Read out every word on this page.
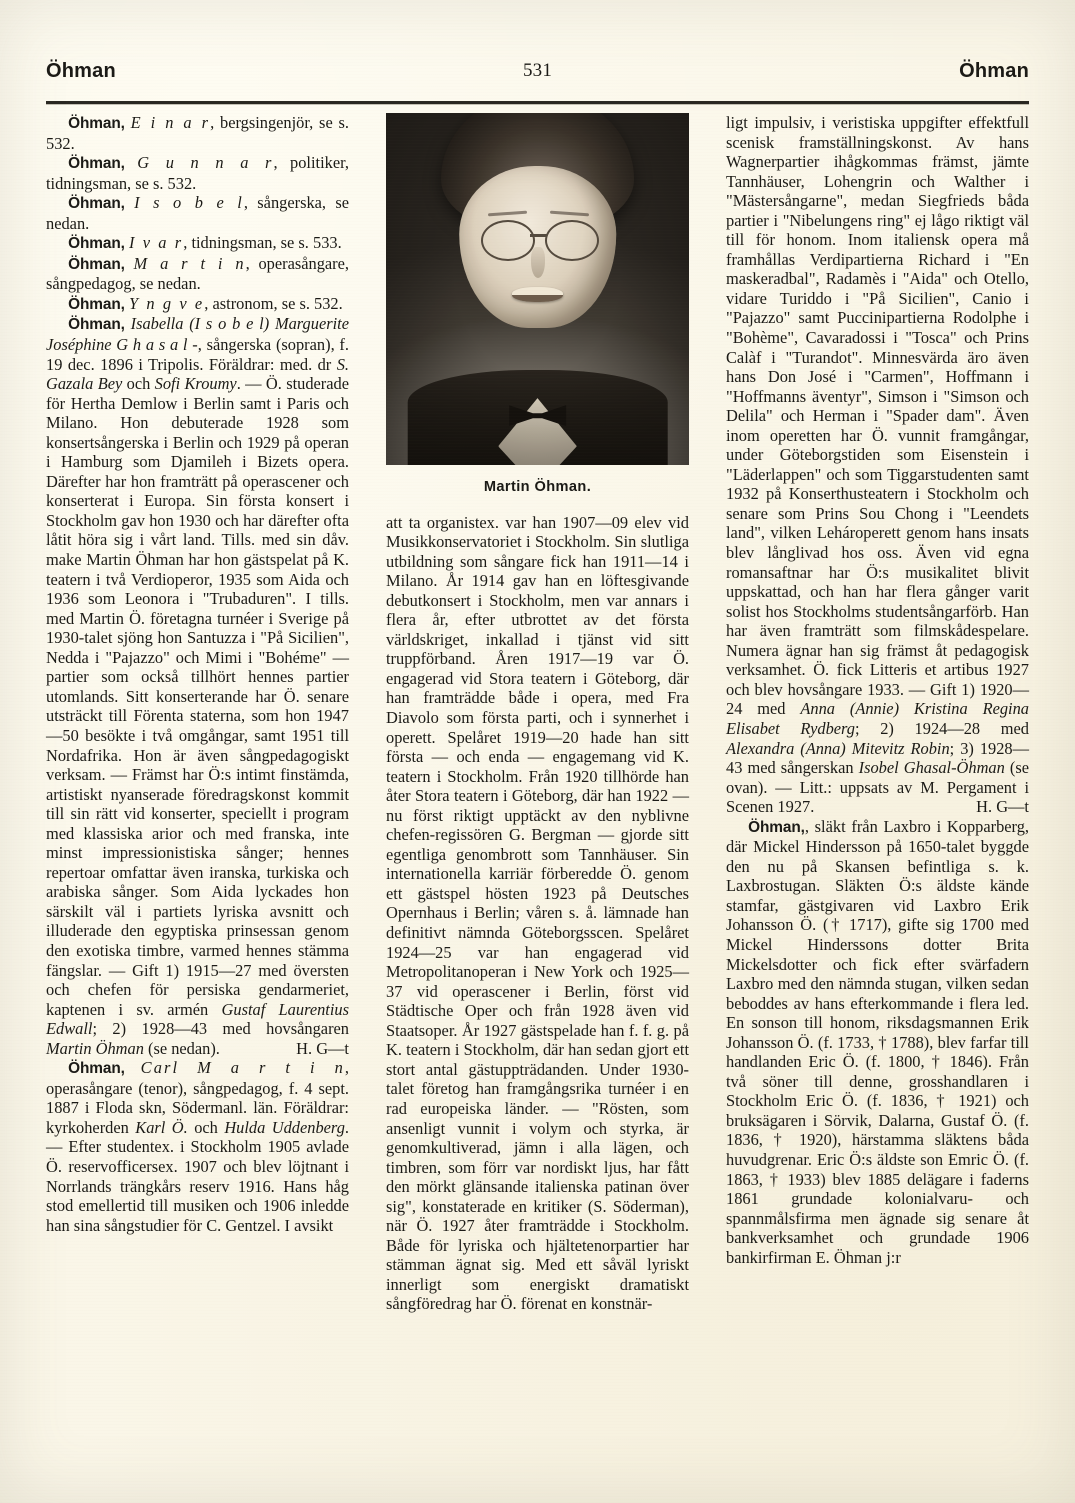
Öhman	531	Öhman

Öhman, E i n a r, bergsingenjör, se s. 532.

Öhman, G u n n a r, politiker, tidningsman, se s. 532.

Öhman, I s o b e l, sångerska, se nedan.

Öhman, I v a r, tidningsman, se s. 533.

Öhman, M a r t i n, operasångare, sångpedagog, se nedan.

Öhman, Y n g v e, astronom, se s. 532.

Öhman, Isabella (I s o b e l) Marguerite Joséphine G h a s a l -, sångerska (sopran), f. 19 dec. 1896 i Tripolis. Föräldrar: med. dr S. Gazala Bey och Sofi Kroumy. — Ö. studerade för Hertha Demlow i Berlin samt i Paris och Milano. Hon debuterade 1928 som konsertsångerska i Berlin och 1929 på operan i Hamburg som Djamileh i Bizets opera. Därefter har hon framträtt på operascener och konserterat i Europa. Sin första konsert i Stockholm gav hon 1930 och har därefter ofta låtit höra sig i vårt land. Tills. med sin dåv. make Martin Öhman har hon gästspelat på K. teatern i två Verdioperor, 1935 som Aida och 1936 som Leonora i "Trubaduren". I tills. med Martin Ö. företagna turnéer i Sverige på 1930-talet sjöng hon Santuzza i "På Sicilien", Nedda i "Pajazzo" och Mimi i "Bohéme" — partier som också tillhört hennes partier utomlands. Sitt konserterande har Ö. senare utsträckt till Förenta staterna, som hon 1947—50 besökte i två omgångar, samt 1951 till Nordafrika. Hon är även sångpedagogiskt verksam. — Främst har Ö:s intimt finstämda, artistiskt nyanserade föredragskonst kommit till sin rätt vid konserter, speciellt i program med klassiska arior och med franska, inte minst impressionistiska sånger; hennes repertoar omfattar även iranska, turkiska och arabiska sånger. Som Aida lyckades hon särskilt väl i partiets lyriska avsnitt och illuderade den egyptiska prinsessan genom den exotiska timbre, varmed hennes stämma fängslar. — Gift 1) 1915—27 med översten och chefen för persiska gendarmeriet, kaptenen i sv. armén Gustaf Laurentius Edwall; 2) 1928—43 med hovsångaren Martin Öhman (se nedan).	H. G—t

Öhman, Carl M a r t i n, operasångare (tenor), sångpedagog, f. 4 sept. 1887 i Floda skn, Södermanl. län. Föräldrar: kyrkoherden Karl Ö. och Hulda Uddenberg. — Efter studentex. i Stockholm 1905 avlade Ö. reservofficersex. 1907 och blev löjtnant i Norrlands trängkårs reserv 1916. Hans håg stod emellertid till musiken och 1906 inledde han sina sångstudier för C. Gentzel. I avsikt

Martin Öhman.

att ta organistex. var han 1907—09 elev vid Musikkonservatoriet i Stockholm. Sin slutliga utbildning som sångare fick han 1911—14 i Milano. År 1914 gav han en löftesgivande debutkonsert i Stockholm, men var annars i flera år, efter utbrottet av det första världskriget, inkallad i tjänst vid sitt truppförband. Åren 1917—19 var Ö. engagerad vid Stora teatern i Göteborg, där han framträdde både i opera, med Fra Diavolo som första parti, och i synnerhet i operett. Spelåret 1919—20 hade han sitt första — och enda — engagemang vid K. teatern i Stockholm. Från 1920 tillhörde han åter Stora teatern i Göteborg, där han 1922 — nu först riktigt upptäckt av den nyblivne chefen-regissören G. Bergman — gjorde sitt egentliga genombrott som Tannhäuser. Sin internationella karriär förberedde Ö. genom ett gästspel hösten 1923 på Deutsches Opernhaus i Berlin; våren s. å. lämnade han definitivt nämnda Göteborgsscen. Spelåret 1924—25 var han engagerad vid Metropolitanoperan i New York och 1925—37 vid operascener i Berlin, först vid Städtische Oper och från 1928 även vid Staatsoper. År 1927 gästspelade han f. f. g. på K. teatern i Stockholm, där han sedan gjort ett stort antal gästuppträdanden. Under 1930-talet företog han framgångsrika turnéer i en rad europeiska länder. — "Rösten, som ansenligt vunnit i volym och styrka, är genomkultiverad, jämn i alla lägen, och timbren, som förr var nordiskt ljus, har fått den mörkt glänsande italienska patinan över sig", konstaterade en kritiker (S. Söderman), när Ö. 1927 åter framträdde i Stockholm. Både för lyriska och hjältetenorpartier har stämman ägnat sig. Med ett såväl lyriskt innerligt som energiskt dramatiskt sångföredrag har Ö. förenat en konstnär-

ligt impulsiv, i veristiska uppgifter effektfull scenisk framställningskonst. Av hans Wagnerpartier ihågkommas främst, jämte Tannhäuser, Lohengrin och Walther i "Mästersångarne", medan Siegfrieds båda partier i "Nibelungens ring" ej lågo riktigt väl till för honom. Inom italiensk opera må framhållas Verdipartierna Richard i "En maskeradbal", Radamès i "Aida" och Otello, vidare Turiddo i "På Sicilien", Canio i "Pajazzo" samt Puccinipartierna Rodolphe i "Bohème", Cavaradossi i "Tosca" och Prins Calàf i "Turandot". Minnesvärda äro även hans Don José i "Carmen", Hoffmann i "Hoffmanns äventyr", Simson i "Simson och Delila" och Herman i "Spader dam". Även inom operetten har Ö. vunnit framgångar, under Göteborgstiden som Eisenstein i "Läderlappen" och som Tiggarstudenten samt 1932 på Konserthusteatern i Stockholm och senare som Prins Sou Chong i "Leendets land", vilken Lehároperett genom hans insats blev långlivad hos oss. Även vid egna romansaftnar har Ö:s musikalitet blivit uppskattad, och han har flera gånger varit solist hos Stockholms studentsångarförb. Han har även framträtt som filmskådespelare. Numera ägnar han sig främst åt pedagogisk verksamhet. Ö. fick Litteris et artibus 1927 och blev hovsångare 1933. — Gift 1) 1920—24 med Anna (Annie) Kristina Regina Elisabet Rydberg; 2) 1924—28 med Alexandra (Anna) Mitevitz Robin; 3) 1928—43 med sångerskan Isobel Ghasal-Öhman (se ovan). — Litt.: uppsats av M. Pergament i Scenen 1927.	H. G—t

Öhman,, släkt från Laxbro i Kopparberg, där Mickel Hindersson på 1650-talet byggde den nu på Skansen befintliga s. k. Laxbrostugan. Släkten Ö:s äldste kände stamfar, gästgivaren vid Laxbro Erik Johansson Ö. († 1717), gifte sig 1700 med Mickel Hinderssons dotter Brita Mickelsdotter och fick efter svärfadern Laxbro med den nämnda stugan, vilken sedan beboddes av hans efterkommande i flera led. En sonson till honom, riksdagsmannen Erik Johansson Ö. (f. 1733, † 1788), blev farfar till handlanden Eric Ö. (f. 1800, † 1846). Från två söner till denne, grosshandlaren i Stockholm Eric Ö. (f. 1836, † 1921) och bruksägaren i Sörvik, Dalarna, Gustaf Ö. (f. 1836, † 1920), härstamma släktens båda huvudgrenar. Eric Ö:s äldste son Emric Ö. (f. 1863, † 1933) blev 1885 delägare i faderns 1861 grundade kolonialvaru- och spannmålsfirma men ägnade sig senare åt bankverksamhet och grundade 1906 bankirfirman E. Öhman j:r
